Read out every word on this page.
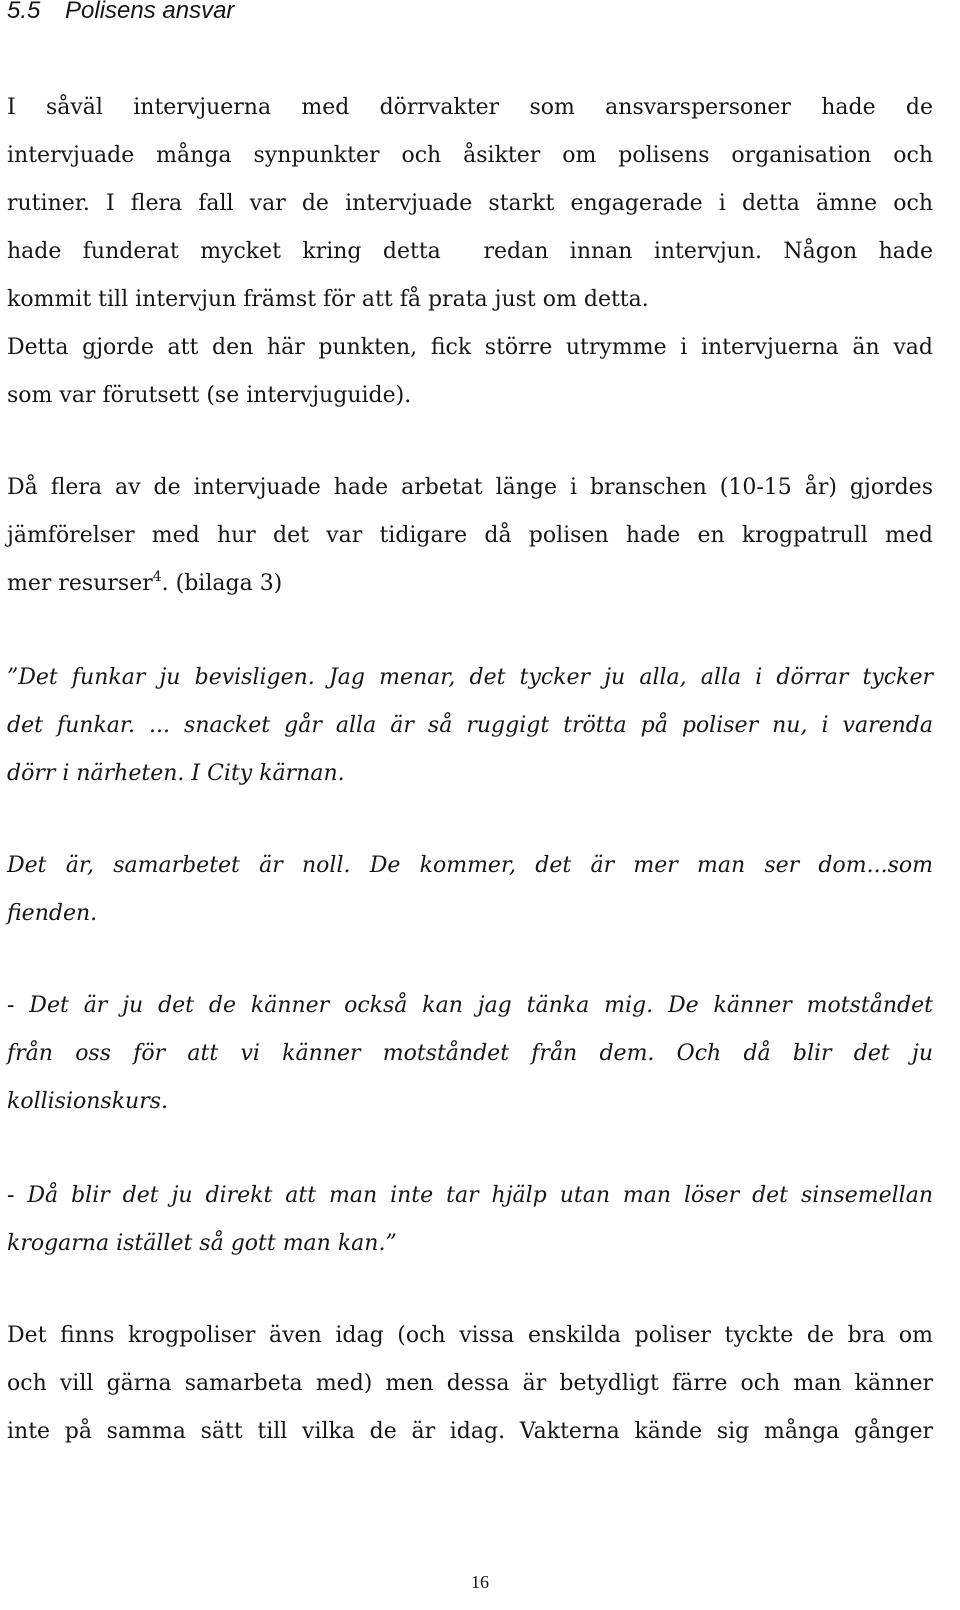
5.5 Polisens ansvar
I såväl intervjuerna med dörrvakter som ansvarspersoner hade de
intervjuade många synpunkter och åsikter om polisens organisation och
rutiner. I flera fall var de intervjuade starkt engagerade i detta ämne och
hade funderat mycket kring detta  redan innan intervjun. Någon hade
kommit till intervjun främst för att få prata just om detta.
Detta gjorde att den här punkten, fick större utrymme i intervjuerna än vad
som var förutsett (se intervjuguide).
Då flera av de intervjuade hade arbetat länge i branschen (10-15 år) gjordes
jämförelser med hur det var tidigare då polisen hade en krogpatrull med
mer resurser$^4$. (bilaga 3)
”Det funkar ju bevisligen. Jag menar, det tycker ju alla, alla i dörrar tycker
det funkar. ... snacket går alla är så ruggigt trötta på poliser nu, i varenda
dörr i närheten. I City kärnan.
Det är, samarbetet är noll. De kommer, det är mer man ser dom...som
fienden.
- Det är ju det de känner också kan jag tänka mig. De känner motståndet
från oss för att vi känner motståndet från dem. Och då blir det ju
kollisionskurs.
- Då blir det ju direkt att man inte tar hjälp utan man löser det sinsemellan
krogarna istället så gott man kan.”
Det finns krogpoliser även idag (och vissa enskilda poliser tyckte de bra om
och vill gärna samarbeta med) men dessa är betydligt färre och man känner
inte på samma sätt till vilka de är idag. Vakterna kände sig många gånger
16
